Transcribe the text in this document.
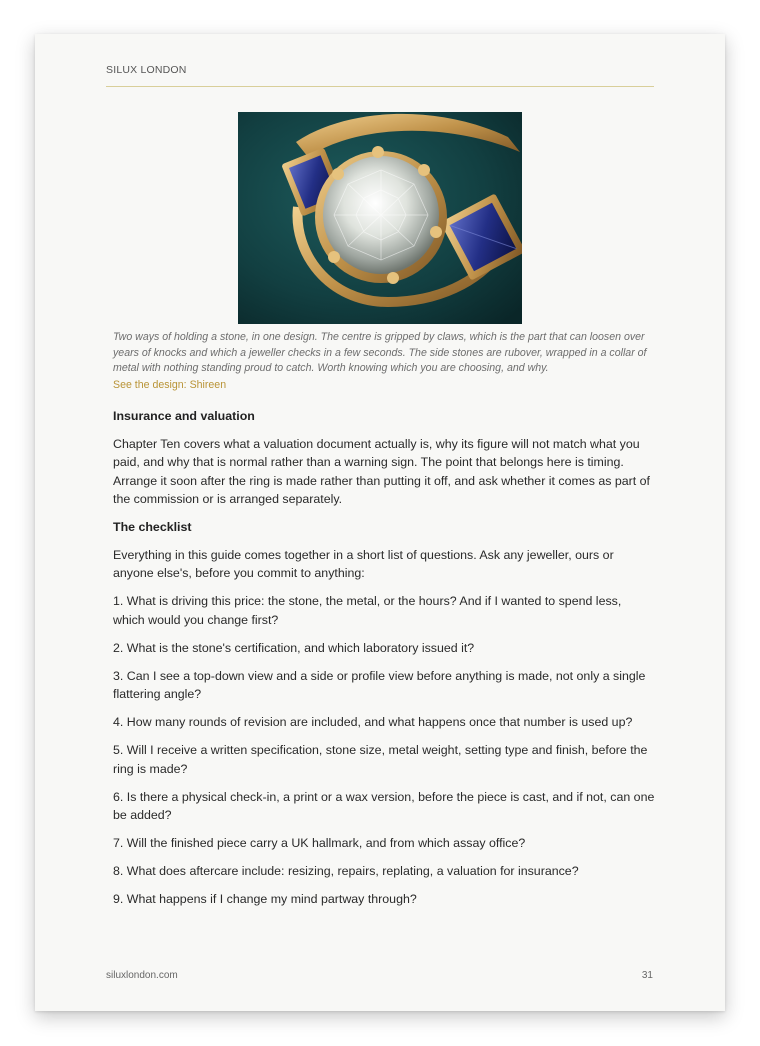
SILUX LONDON
Two ways of holding a stone, in one design. The centre is gripped by claws, which is the part that can loosen over years of knocks and which a jeweller checks in a few seconds. The side stones are rubover, wrapped in a collar of metal with nothing standing proud to catch. Worth knowing which you are choosing, and why.
See the design: Shireen
Insurance and valuation

Chapter Ten covers what a valuation document actually is, why its figure will not match what you paid, and why that is normal rather than a warning sign. The point that belongs here is timing. Arrange it soon after the ring is made rather than putting it off, and ask whether it comes as part of the commission or is arranged separately.

The checklist

Everything in this guide comes together in a short list of questions. Ask any jeweller, ours or anyone else's, before you commit to anything:

1. What is driving this price: the stone, the metal, or the hours? And if I wanted to spend less, which would you change first?

2. What is the stone's certification, and which laboratory issued it?

3. Can I see a top-down view and a side or profile view before anything is made, not only a single flattering angle?

4. How many rounds of revision are included, and what happens once that number is used up?

5. Will I receive a written specification, stone size, metal weight, setting type and finish, before the ring is made?

6. Is there a physical check-in, a print or a wax version, before the piece is cast, and if not, can one be added?

7. Will the finished piece carry a UK hallmark, and from which assay office?

8. What does aftercare include: resizing, repairs, replating, a valuation for insurance?

9. What happens if I change my mind partway through?

siluxlondon.com	31
